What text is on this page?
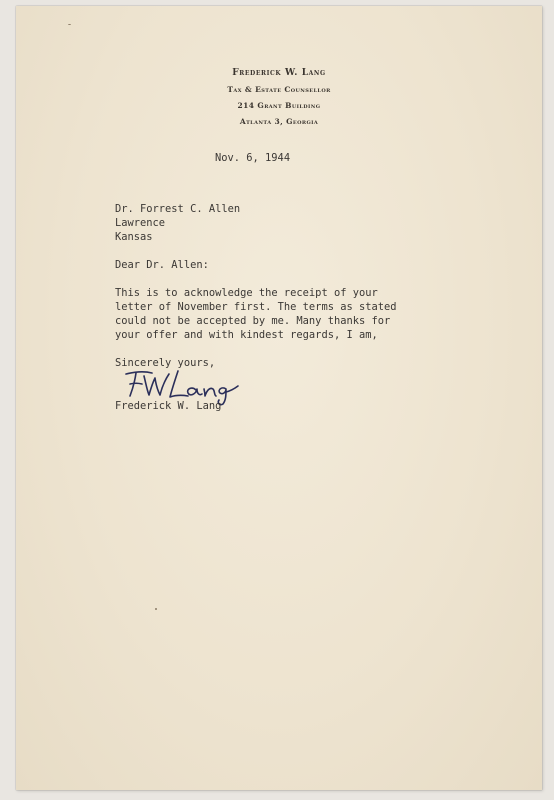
Frederick W. Lang
Tax & Estate Counsellor
214 Grant Building
Atlanta 3, Georgia
Nov. 6, 1944
Dr. Forrest C. Allen
Lawrence
Kansas
Dear Dr. Allen:
This is to acknowledge the receipt of your
letter of November first. The terms as stated
could not be accepted by me. Many thanks for
your offer and with kindest regards, I am,
Sincerely yours,
Frederick W. Lang
